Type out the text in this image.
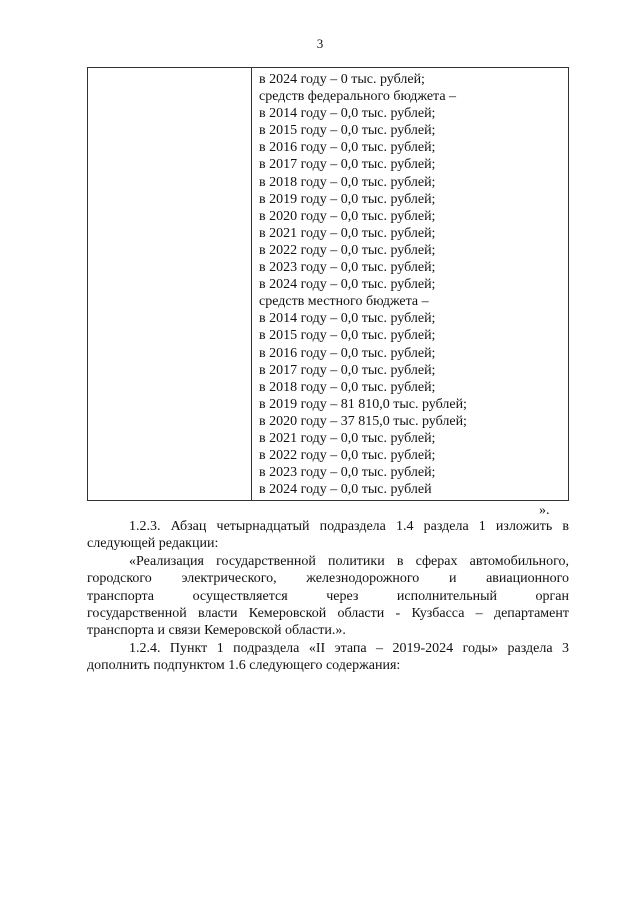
3
в 2024 году – 0 тыс. рублей;
средств федерального бюджета –
в 2014 году – 0,0 тыс. рублей;
в 2015 году – 0,0 тыс. рублей;
в 2016 году – 0,0 тыс. рублей;
в 2017 году – 0,0 тыс. рублей;
в 2018 году – 0,0 тыс. рублей;
в 2019 году – 0,0 тыс. рублей;
в 2020 году – 0,0 тыс. рублей;
в 2021 году – 0,0 тыс. рублей;
в 2022 году – 0,0 тыс. рублей;
в 2023 году – 0,0 тыс. рублей;
в 2024 году – 0,0 тыс. рублей;
средств местного бюджета –
в 2014 году – 0,0 тыс. рублей;
в 2015 году – 0,0 тыс. рублей;
в 2016 году – 0,0 тыс. рублей;
в 2017 году – 0,0 тыс. рублей;
в 2018 году – 0,0 тыс. рублей;
в 2019 году – 81 810,0 тыс. рублей;
в 2020 году – 37 815,0 тыс. рублей;
в 2021 году – 0,0 тыс. рублей;
в 2022 году – 0,0 тыс. рублей;
в 2023 году – 0,0 тыс. рублей;
в 2024 году – 0,0 тыс. рублей
».

1.2.3. Абзац четырнадцатый подраздела 1.4 раздела 1 изложить в
следующей редакции:

«Реализация государственной политики в сферах автомобильного,
городского электрического, железнодорожного и авиационного
транспорта осуществляется через исполнительный орган
государственной власти Кемеровской области - Кузбасса – департамент
транспорта и связи Кемеровской области.».

1.2.4. Пункт 1 подраздела «II этапа – 2019-2024 годы» раздела 3
дополнить подпунктом 1.6 следующего содержания:
